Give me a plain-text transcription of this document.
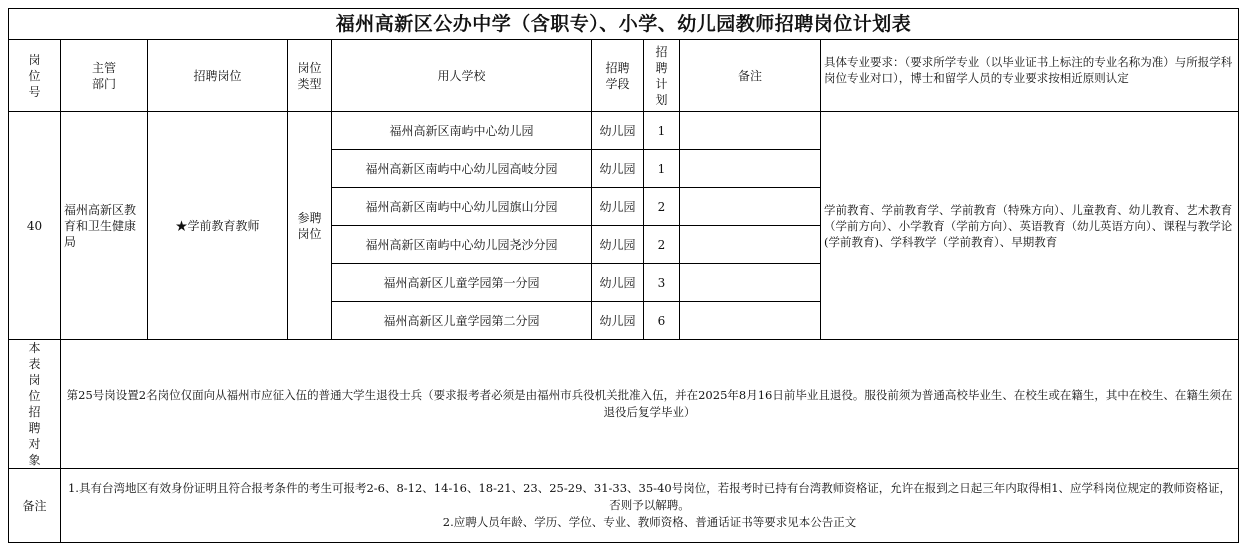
福州高新区公办中学（含职专）、小学、幼儿园教师招聘岗位计划表								
岗位号	主管部门	招聘岗位	岗位类型	用人学校	招聘学段	招聘计划	备注	具体专业要求：（要求所学专业（以毕业证书上标注的专业名称为准）与所报学科岗位专业对口），博士和留学人员的专业要求按相近原则认定
40	福州高新区教育和卫生健康局	★学前教育教师	参聘岗位	福州高新区南屿中心幼儿园	幼儿园	1		学前教育、学前教育学、学前教育（特殊方向）、儿童教育、幼儿教育、艺术教育（学前方向）、小学教育（学前方向）、英语教育（幼儿英语方向）、课程与教学论(学前教育)、学科教学（学前教育）、早期教育
				福州高新区南屿中心幼儿园高岐分园	幼儿园	1		
				福州高新区南屿中心幼儿园旗山分园	幼儿园	2		
				福州高新区南屿中心幼儿园尧沙分园	幼儿园	2		
				福州高新区儿童学园第一分园	幼儿园	3		
				福州高新区儿童学园第二分园	幼儿园	6		
本表岗位招聘对象	第25号岗设置2名岗位仅面向从福州市应征入伍的普通大学生退役士兵（要求报考者必须是由福州市兵役机关批准入伍，并在2025年8月16日前毕业且退役。服役前须为普通高校毕业生、在校生或在籍生，其中在校生、在籍生须在退役后复学毕业）							
备注	1.具有台湾地区有效身份证明且符合报考条件的考生可报考2-6、8-12、14-16、18-21、23、25-29、31-33、35-40号岗位，若报考时已持有台湾教师资格证，允许在报到之日起三年内取得相1、应学科岗位规定的教师资格证，否则予以解聘。
2.应聘人员年龄、学历、学位、专业、教师资格、普通话证书等要求见本公告正文							
